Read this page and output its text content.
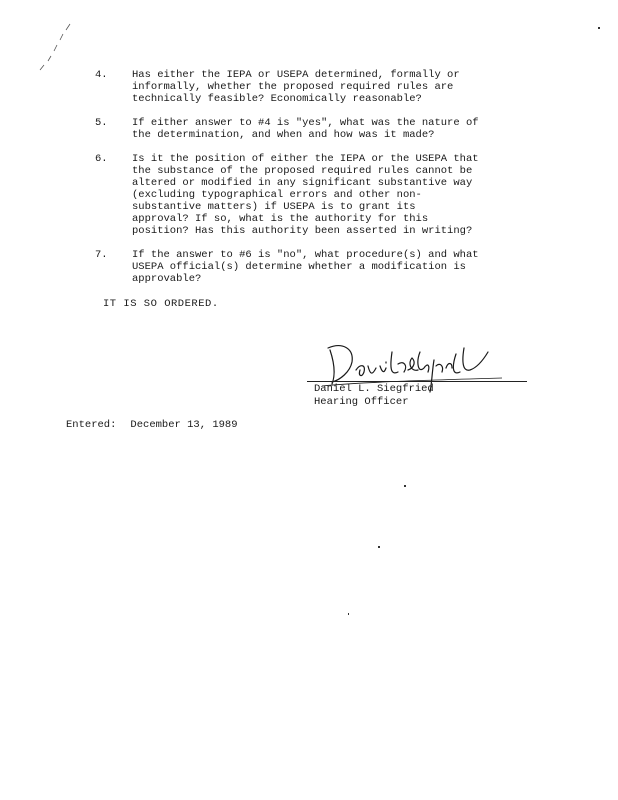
4. Has either the IEPA or USEPA determined, formally or
informally, whether the proposed required rules are
technically feasible? Economically reasonable?
5. If either answer to #4 is "yes", what was the nature of
the determination, and when and how was it made?
6. Is it the position of either the IEPA or the USEPA that
the substance of the proposed required rules cannot be
altered or modified in any significant substantive way
(excluding typographical errors and other non-
substantive matters) if USEPA is to grant its
approval? If so, what is the authority for this
position? Has this authority been asserted in writing?
7. If the answer to #6 is "no", what procedure(s) and what
USEPA official(s) determine whether a modification is
approvable?
IT IS SO ORDERED.
Daniel L. Siegfried
Hearing Officer
Entered: December 13, 1989
